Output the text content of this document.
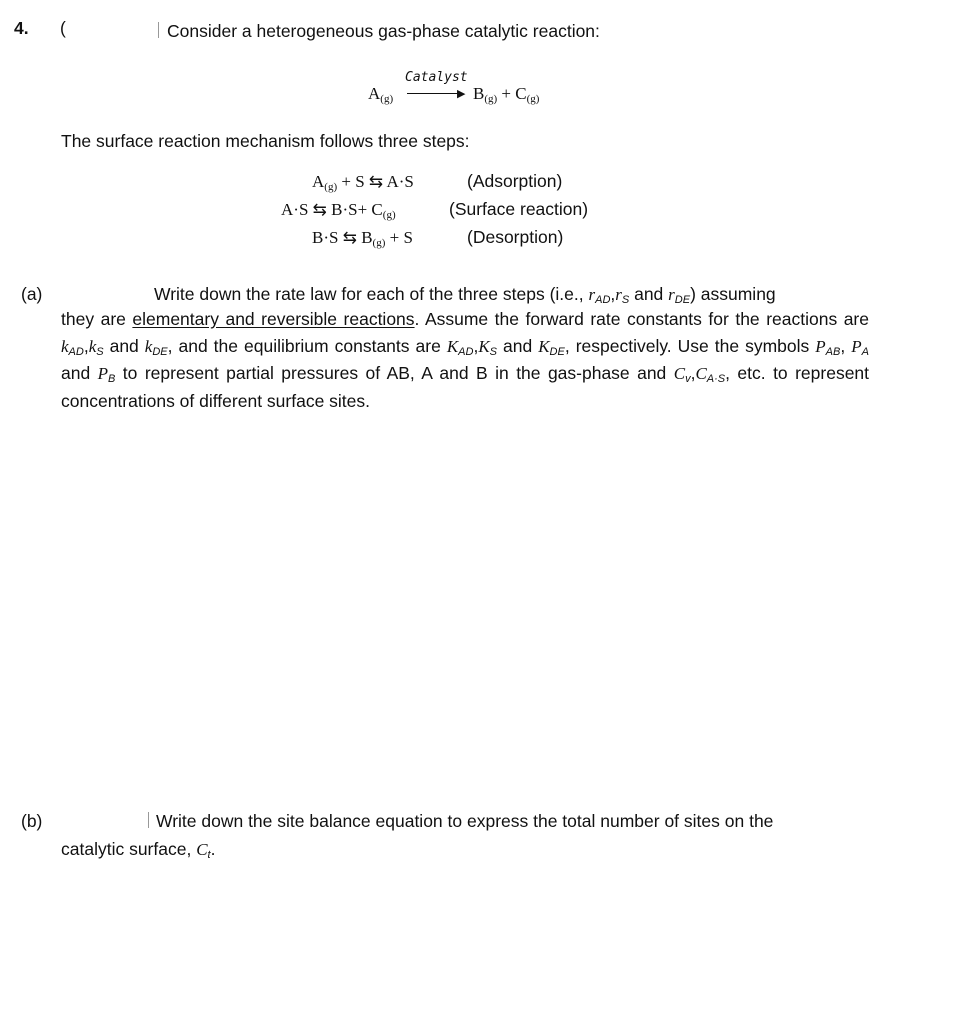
4. (	Consider a heterogeneous gas-phase catalytic reaction:
$A_{(g)}$
Catalyst
▶ $B_{(g)} + C_{(g)}$
The surface reaction mechanism follows three steps:
$A_{(g)} + S$ ⇆ A·S	(Adsorption)
A·S ⇆ $B\cdot S+ C_{(g)}$	(Surface reaction)
B·S ⇆ $B_{(g)} + S$	(Desorption)
(a)	Write down the rate law for each of the three steps (i.e., $r_{AD},r_S$ and $r_{DE}$) assuming
they are elementary and reversible reactions. Assume the forward rate constants for the reactions are $k_{AD},k_S$ and $k_{DE}$, and the equilibrium constants are $K_{AD},K_S$ and $K_{DE}$, respectively. Use the symbols $P_{AB}$, $P_A$ and $P_B$ to represent partial pressures of AB, A and B in the gas-phase and $C_v,C_{A\cdot S}$, etc. to represent concentrations of different surface sites.
(b)	Write down the site balance equation to express the total number of sites on the
catalytic surface, $C_t$.
